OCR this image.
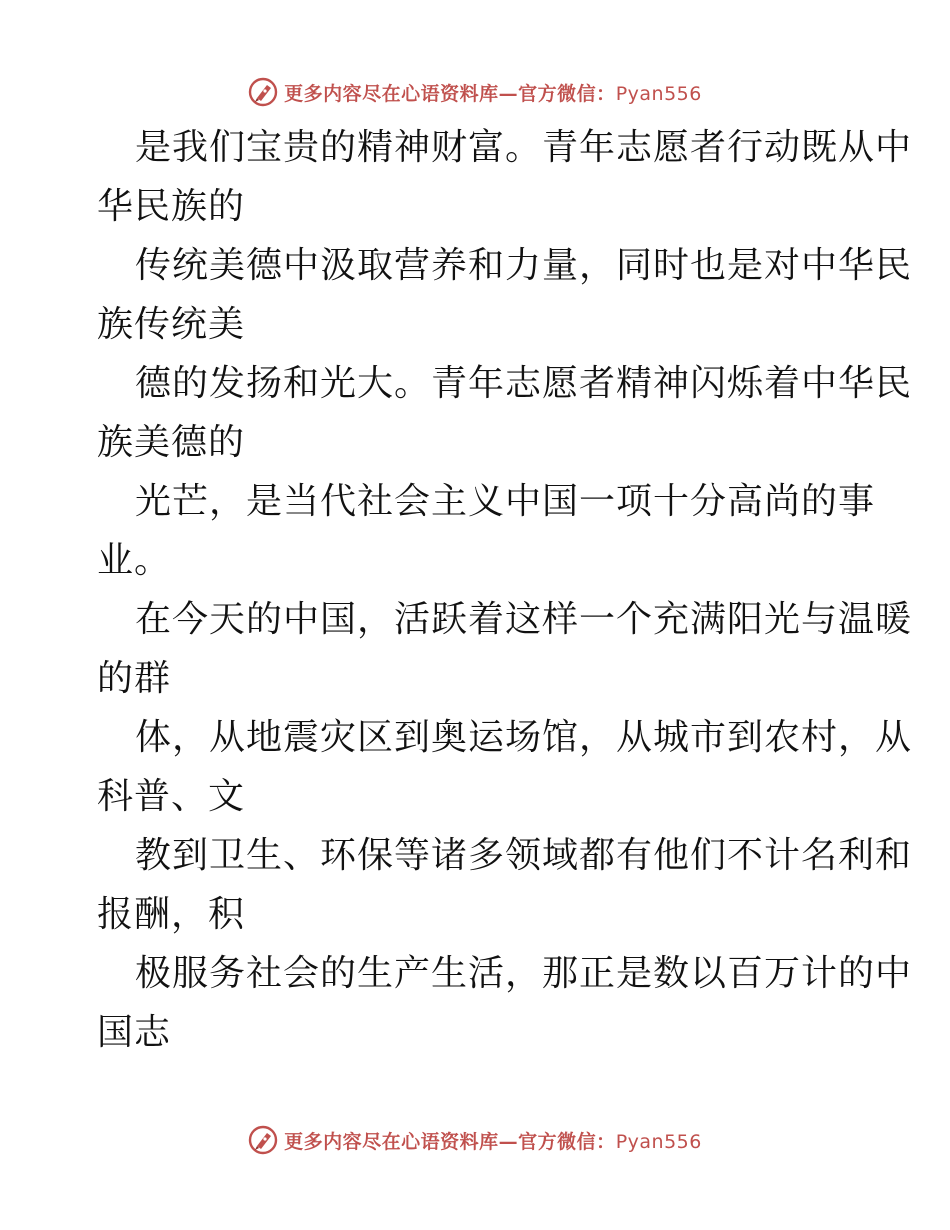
更多内容尽在心语资料库—官方微信：Pyan556
是我们宝贵的精神财富。青年志愿者行动既从中
华民族的
传统美德中汲取营养和力量，同时也是对中华民
族传统美
德的发扬和光大。青年志愿者精神闪烁着中华民
族美德的
光芒，是当代社会主义中国一项十分高尚的事
业。
在今天的中国，活跃着这样一个充满阳光与温暖
的群
体，从地震灾区到奥运场馆，从城市到农村，从
科普、文
教到卫生、环保等诸多领域都有他们不计名利和
报酬，积
极服务社会的生产生活，那正是数以百万计的中
国志
更多内容尽在心语资料库—官方微信：Pyan556
